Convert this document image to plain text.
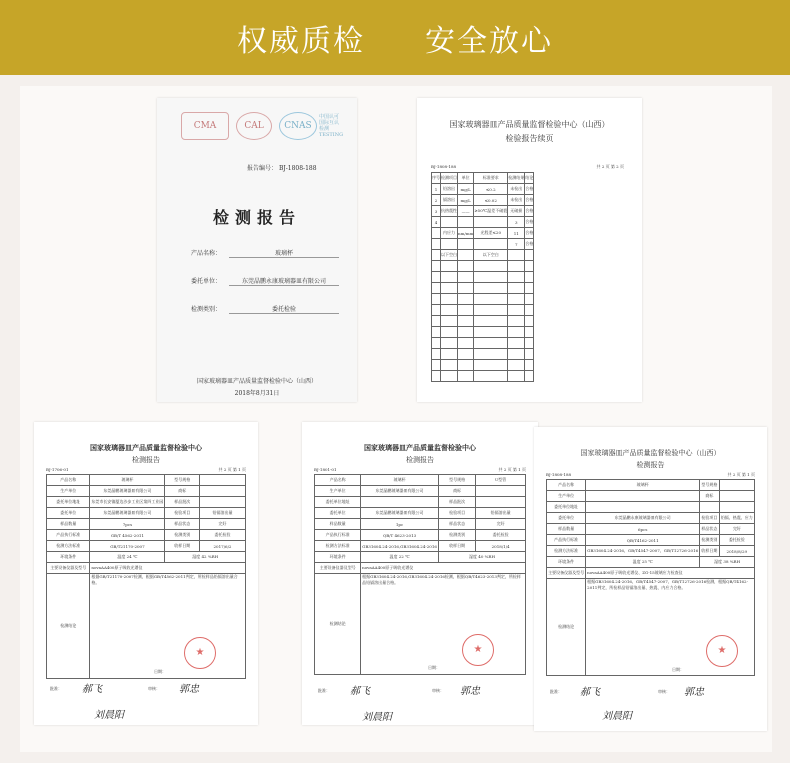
权威质检 安全放心
CMA	CAL	CNAS
中国认可 国际互认 检测 TESTING
报告编号： BJ-1808-188
检测报告
产品名称：	玻璃杯
委托单位：	东莞晶鹏永康玻璃器皿有限公司
检测类别：	委托检验
国家玻璃器皿产品质量监督检验中心（山西）
2018年8月31日
国家玻璃器皿产品质量监督检验中心（山西）
检验报告续页
BJ-1808-188	共 2 页 第 2 页
序号	检测项目	单位	标准要求	检测结果	结论
1	铅溶出	mg/L	≤0.2	未检出	合格
2	镉溶出	mg/L	≤0.02	未检出	合格
3	抗热震性	——	≥50℃温差不破裂	无破损	合格
4				3	合格
	内应力	nm/mm	光程差≤20	11	合格
				7	合格
	以下空白		以下空白		

国家玻璃器皿产品质量监督检验中心
检测报告
BJ-1706-01	共 2 页 第 1 页
产品名称	玻璃杯	型号规格	
生产单位	东莞晶鹏玻璃器皿有限公司	商标	
委托单位地址	东莞市长安镇厦边沙步工业区第四工业园	样品批次	
委托单位	东莞晶鹏玻璃器皿有限公司	检验项目	铅镉溶出量
样品数量	7pcs	样品状态	完好
产品执行标准	GB/T 4562-2011	检测类别	委托检验
检测方法标准	GB/T21170-2007	收样日期	2017/6/2
环境条件	温度 24 ℃	湿度 42 %RH	
主要设备仪器及型号	novaAA400原子吸收光谱仪		
检测结论	根据GB/T21170-2007检测，根据GB/T4562-2011判定，所检样品铅镉溶出量合格。		
★
日期：
批准： 郝飞	审核： 郭忠
刘晨阳
国家玻璃器皿产品质量监督检验中心
检测报告
BJ-1801-01	共 2 页 第 1 页
产品名称	玻璃杯	型号规格	U型管
生产单位	东莞晶鹏玻璃器皿有限公司	商标	
委托单位地址		样品批次	
委托单位	东莞晶鹏玻璃器皿有限公司	检验项目	铅镉溶出量
样品数量	1pc	样品状态	完好
产品执行标准	QB/T 4623-2013	检测类别	委托检验
检测方法标准	GB31604.24-2016,GB31604.24-2016	收样日期	2018/1/4
环境条件	温度 22 ℃	湿度 40 %RH	
主要设备仪器及型号	novaAA400原子吸收光谱仪		
检测结论	根据GB31604.24-2016,GB31604.24-2016检测，根据QB/T4623-2013判定，所检样品铅镉溶出量合格。		
★
日期：
批准： 郝飞	审核： 郭忠
刘晨阳
国家玻璃器皿产品质量监督检验中心（山西）
检测报告
BJ-1808-188	共 2 页 第 1 页
产品名称	玻璃杯	型号规格	
生产单位		商标	
委托单位地址			
委托单位	东莞晶鹏永康玻璃器皿有限公司	检验项目	铅镉、热震、应力
样品数量	6pcs	样品状态	完好
产品执行标准	QB/T4162-2011	检测类别	委托检验
检测方法标准	GB31604.24-2016、GB/T4547-2007、GB/T12726-2016	收样日期	2018/8/29
环境条件	温度 25 ℃	湿度 38 %RH	
主要设备仪器及型号	novaAA400原子吸收光谱仪、ZG-15玻璃应力检查仪		
检测结论	根据GB31604.24-2016、GB/T4547-2007、GB/T12726-2016检测，根据QB/T4162-2011判定，所检样品铅镉溶出量、热震、内应力合格。		
★
日期：
批准： 郝飞	审核： 郭忠
刘晨阳
